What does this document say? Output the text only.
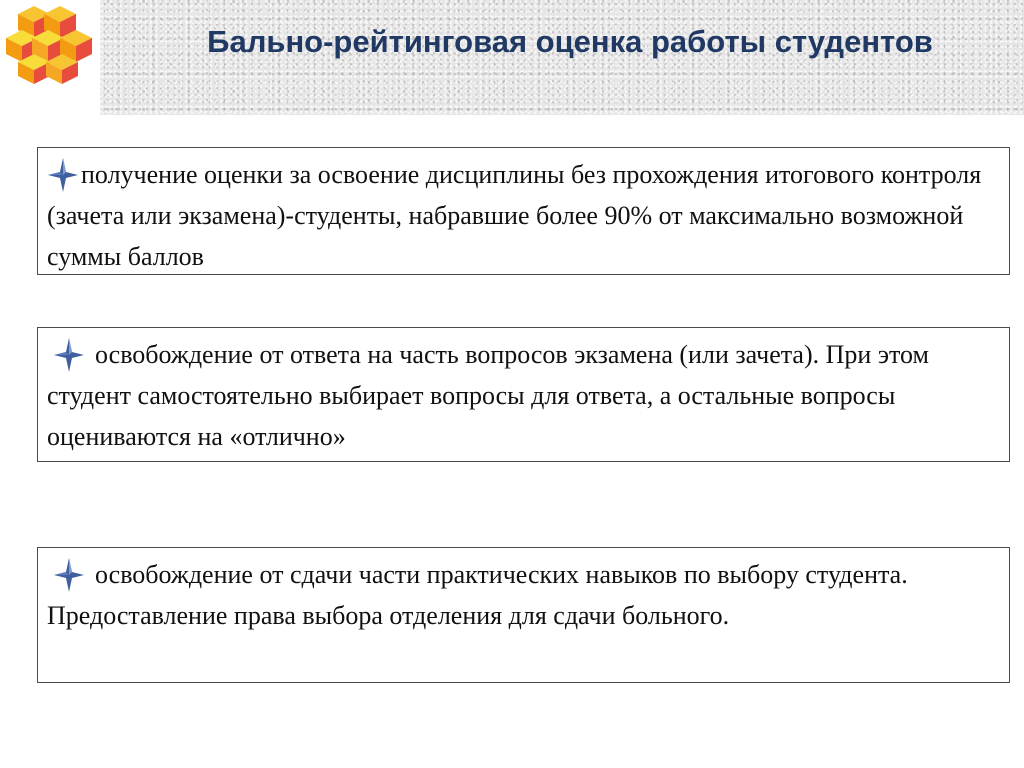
Бально-рейтинговая оценка работы студентов
получение оценки за освоение дисциплины без прохождения итогового контроля (зачета или экзамена)-студенты, набравшие более 90% от максимально возможной суммы баллов
освобождение от ответа на часть вопросов экзамена (или зачета). При этом студент самостоятельно выбирает вопросы для ответа, а остальные вопросы оцениваются на «отлично»
освобождение от сдачи части практических навыков по выбору студента. Предоставление права выбора отделения для сдачи больного.
